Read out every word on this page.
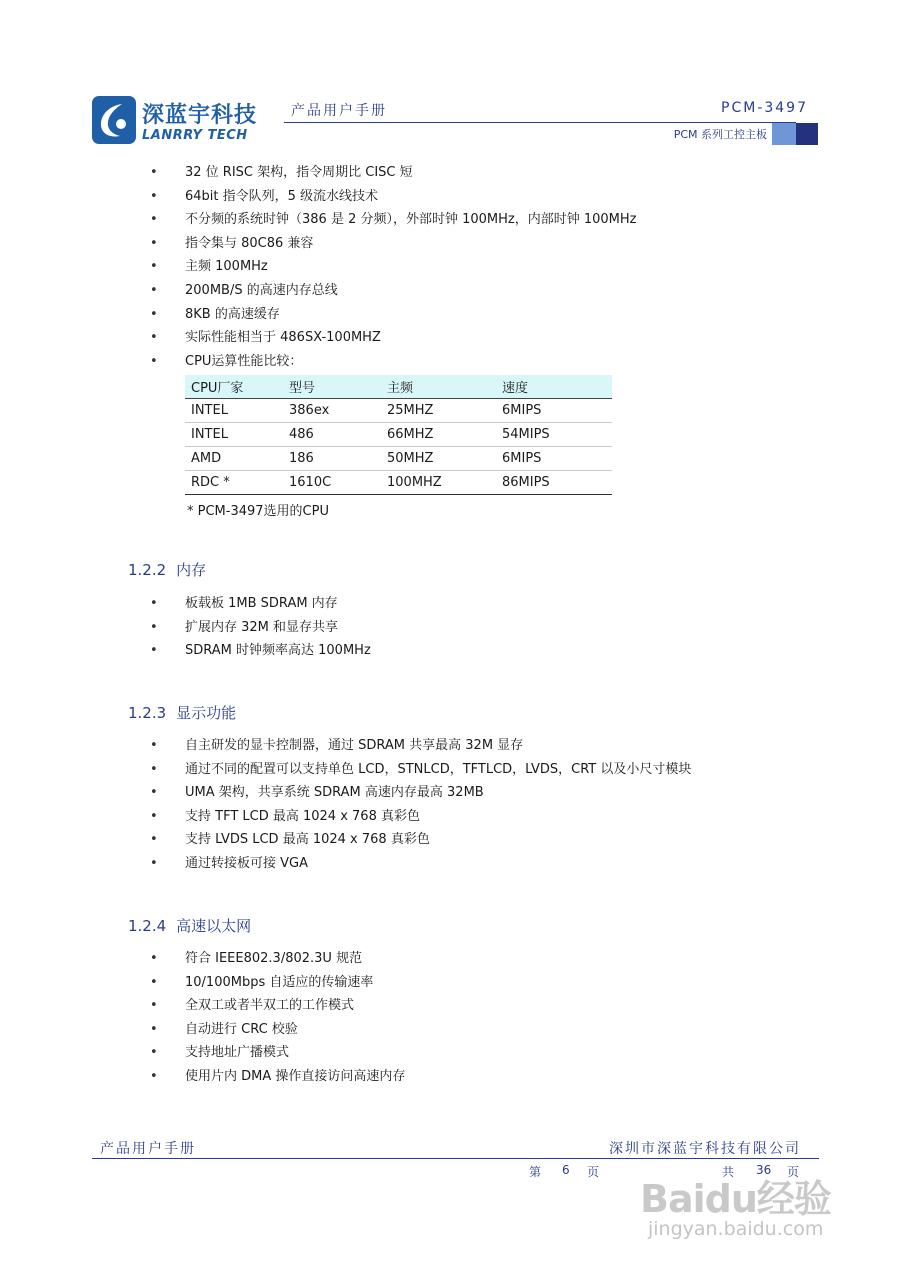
深蓝宇科技
LANRRY TECH
产品用户手册	PCM-3497
PCM 系列工控主板
• 32 位 RISC 架构，指令周期比 CISC 短
• 64bit 指令队列，5 级流水线技术
• 不分频的系统时钟（386 是 2 分频），外部时钟 100MHz，内部时钟 100MHz
• 指令集与 80C86 兼容
• 主频 100MHz
• 200MB/S 的高速内存总线
• 8KB 的高速缓存
• 实际性能相当于 486SX-100MHZ
• CPU运算性能比较：
CPU厂家	型号	主频	速度
INTEL	386ex	25MHZ	6MIPS
INTEL	486	66MHZ	54MIPS
AMD	186	50MHZ	6MIPS
RDC *	1610C	100MHZ	86MIPS
* PCM-3497选用的CPU
1.2.2 内存
• 板载板 1MB SDRAM 内存
• 扩展内存 32M 和显存共享
• SDRAM 时钟频率高达 100MHz
1.2.3 显示功能
• 自主研发的显卡控制器，通过 SDRAM 共享最高 32M 显存
• 通过不同的配置可以支持单色 LCD，STNLCD，TFTLCD，LVDS，CRT 以及小尺寸模块
• UMA 架构，共享系统 SDRAM 高速内存最高 32MB
• 支持 TFT LCD 最高 1024 x 768 真彩色
• 支持 LVDS LCD 最高 1024 x 768 真彩色
• 通过转接板可接 VGA
1.2.4 高速以太网
• 符合 IEEE802.3/802.3U 规范
• 10/100Mbps 自适应的传输速率
• 全双工或者半双工的工作模式
• 自动进行 CRC 校验
• 支持地址广播模式
• 使用片内 DMA 操作直接访问高速内存
产品用户手册	深圳市深蓝宇科技有限公司
第 6 页	共 36 页
Baidu经验
jingyan.baidu.com
